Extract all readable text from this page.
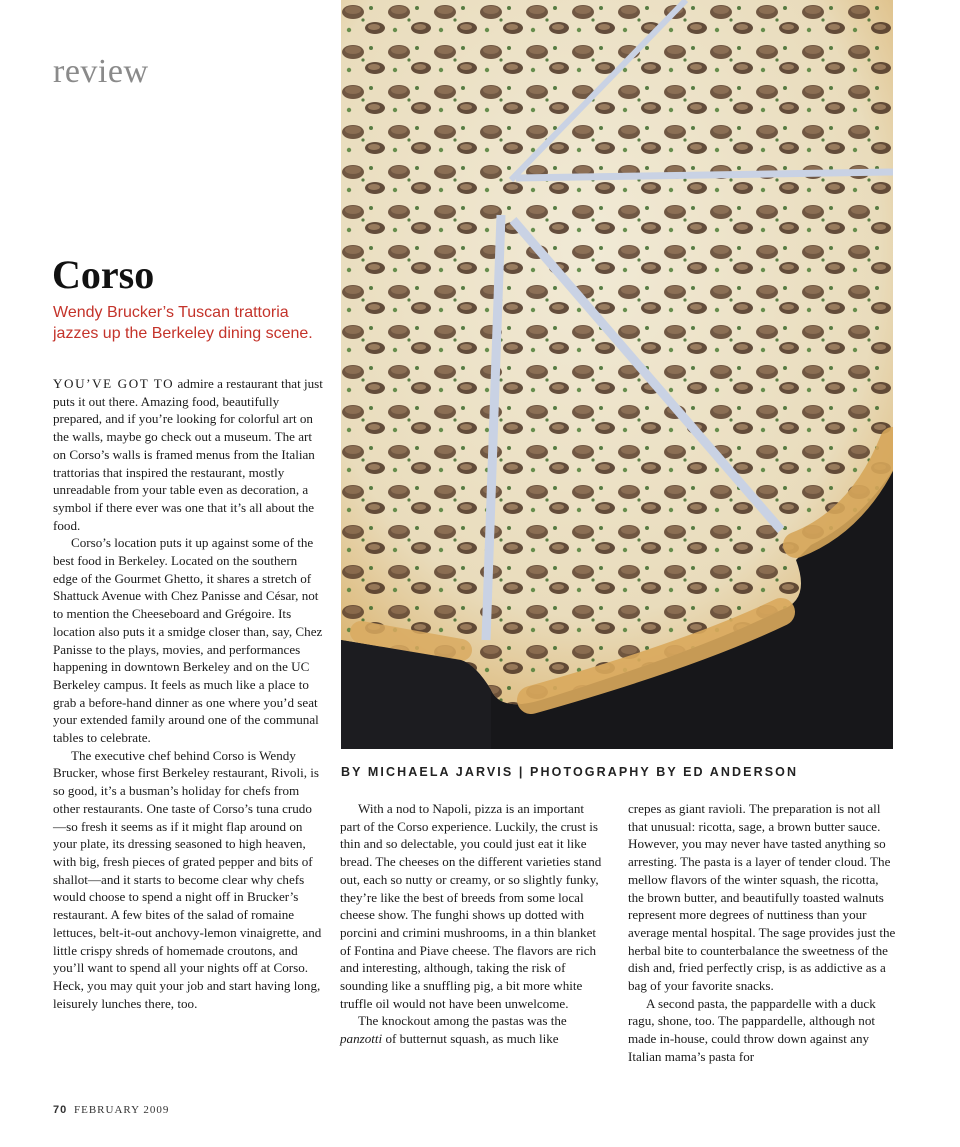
review
Corso
Wendy Brucker’s Tuscan trattoria jazzes up the Berkeley dining scene.
BY MICHAELA JARVIS | PHOTOGRAPHY BY ED ANDERSON

YOU’VE GOT TO admire a restaurant that just puts it out there. Amazing food, beautifully prepared, and if you’re looking for colorful art on the walls, maybe go check out a museum. The art on Corso’s walls is framed menus from the Italian trattorias that inspired the restaurant, mostly unreadable from your table even as decoration, a symbol if there ever was one that it’s all about the food.

Corso’s location puts it up against some of the best food in Berkeley. Located on the southern edge of the Gourmet Ghetto, it shares a stretch of Shattuck Avenue with Chez Panisse and César, not to mention the Cheeseboard and Grégoire. Its location also puts it a smidge closer than, say, Chez Panisse to the plays, movies, and performances happening in downtown Berkeley and on the UC Berkeley campus. It feels as much like a place to grab a before-hand dinner as one where you’d seat your extended family around one of the communal tables to celebrate.

The executive chef behind Corso is Wendy Brucker, whose first Berkeley restaurant, Rivoli, is so good, it’s a busman’s holiday for chefs from other restaurants. One taste of Corso’s tuna crudo—so fresh it seems as if it might flap around on your plate, its dressing seasoned to high heaven, with big, fresh pieces of grated pepper and bits of shallot—and it starts to become clear why chefs would choose to spend a night off in Brucker’s restaurant. A few bites of the salad of romaine lettuces, belt-it-out anchovy-lemon vinaigrette, and little crispy shreds of homemade croutons, and you’ll want to spend all your nights off at Corso. Heck, you may quit your job and start having long, leisurely lunches there, too.

With a nod to Napoli, pizza is an important part of the Corso experience. Luckily, the crust is thin and so delectable, you could just eat it like bread. The cheeses on the different varieties stand out, each so nutty or creamy, or so slightly funky, they’re like the best of breeds from some local cheese show. The funghi shows up dotted with porcini and crimini mushrooms, in a thin blanket of Fontina and Piave cheese. The flavors are rich and interesting, although, taking the risk of sounding like a snuffling pig, a bit more white truffle oil would not have been unwelcome.

The knockout among the pastas was the panzotti of butternut squash, as much like

crepes as giant ravioli. The preparation is not all that unusual: ricotta, sage, a brown butter sauce. However, you may never have tasted anything so arresting. The pasta is a layer of tender cloud. The mellow flavors of the winter squash, the ricotta, the brown butter, and beautifully toasted walnuts represent more degrees of nuttiness than your average mental hospital. The sage provides just the herbal bite to counterbalance the sweetness of the dish and, fried perfectly crisp, is as addictive as a bag of your favorite snacks.

A second pasta, the pappardelle with a duck ragu, shone, too. The pappardelle, although not made in-house, could throw down against any Italian mama’s pasta for

70 FEBRUARY 2009
